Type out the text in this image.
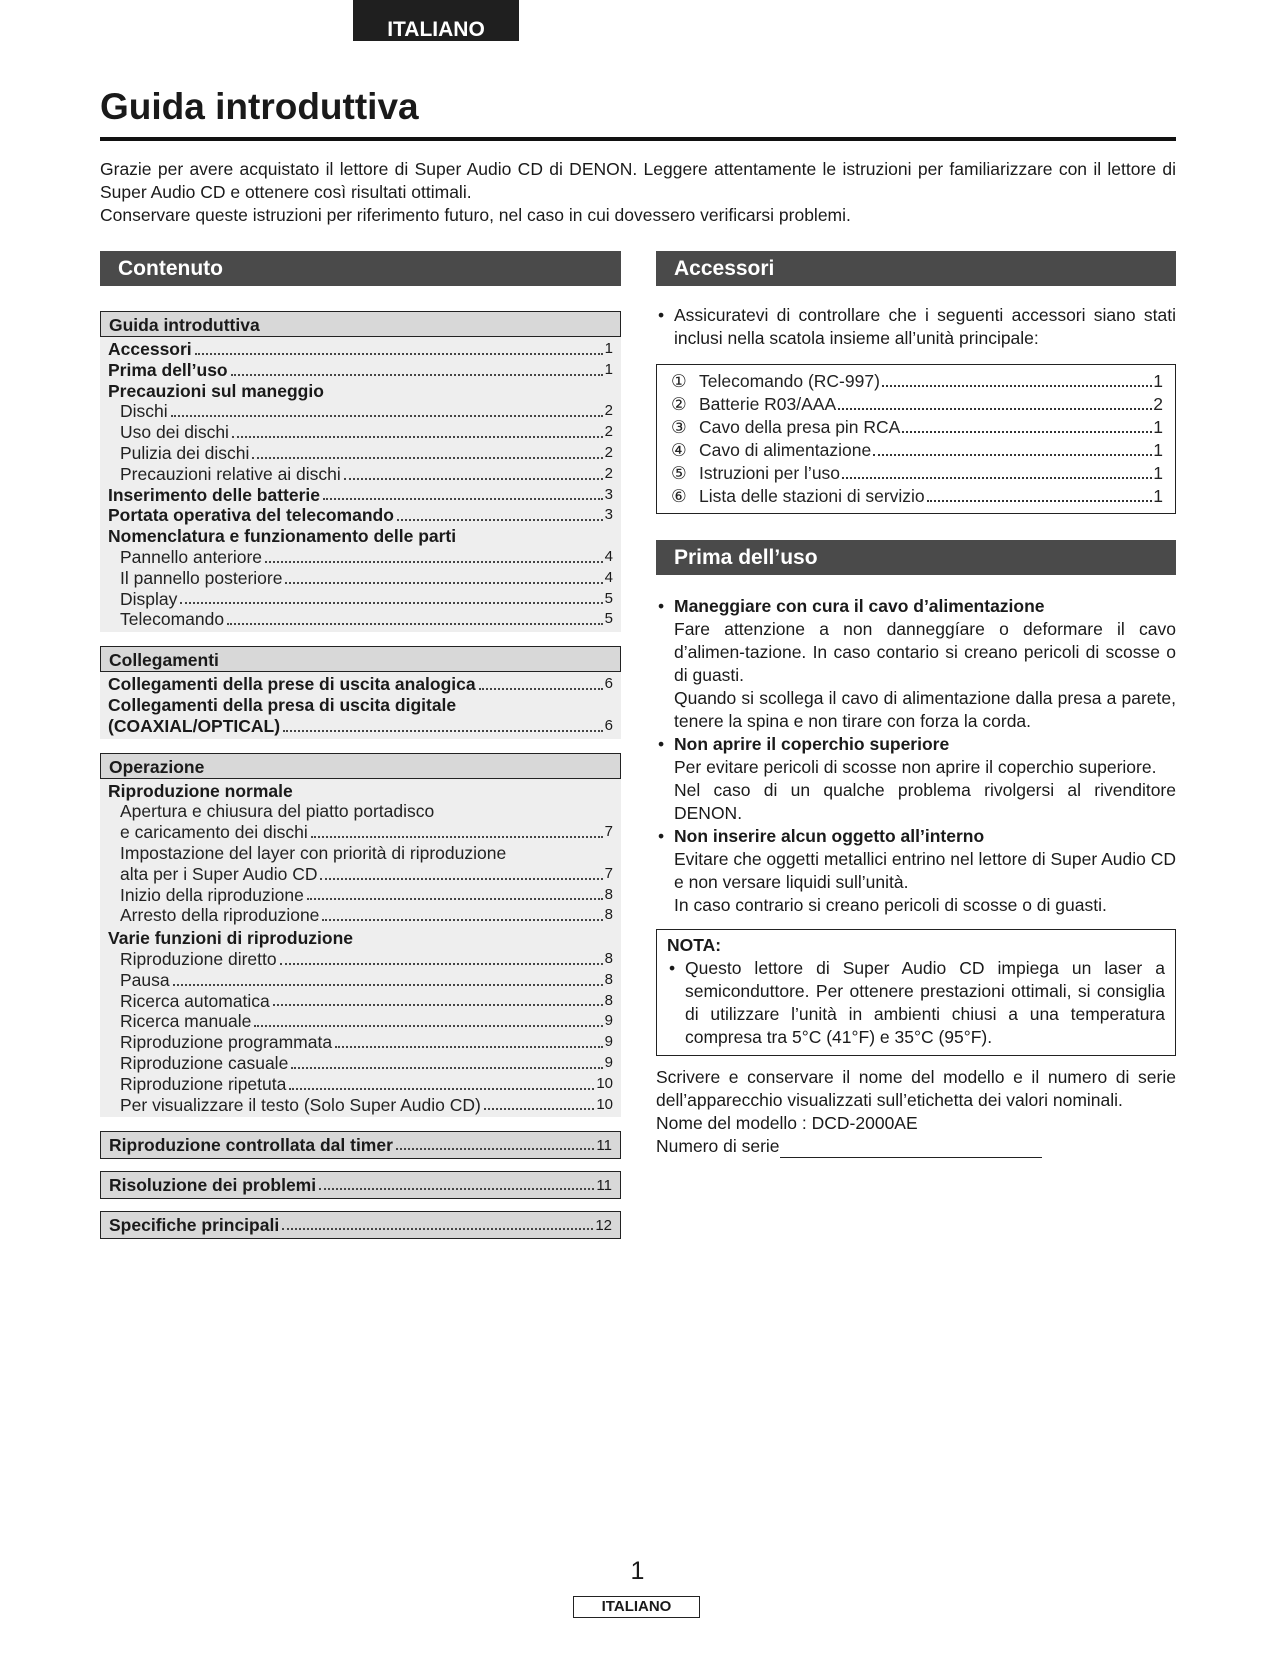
ITALIANO
Guida introduttiva

Grazie per avere acquistato il lettore di Super Audio CD di DENON. Leggere attentamente le istruzioni per familiarizzare con il lettore di Super Audio CD e ottenere così risultati ottimali.

Conservare queste istruzioni per riferimento futuro, nel caso in cui dovessero verificarsi problemi.

Contenuto
Guida introduttiva
Accessori	1
Prima dell’uso	1
Precauzioni sul maneggio
Dischi	2
Uso dei dischi	2
Pulizia dei dischi	2
Precauzioni relative ai dischi	2
Inserimento delle batterie	3
Portata operativa del telecomando	3
Nomenclatura e funzionamento delle parti
Pannello anteriore	4
Il pannello posteriore	4
Display	5
Telecomando	5
Collegamenti
Collegamenti della prese di uscita analogica	6
Collegamenti della presa di uscita digitale
(COAXIAL/OPTICAL)	6
Operazione
Riproduzione normale
Apertura e chiusura del piatto portadisco
e caricamento dei dischi	7
Impostazione del layer con priorità di riproduzione
alta per i Super Audio CD	7
Inizio della riproduzione	8
Arresto della riproduzione	8
Varie funzioni di riproduzione
Riproduzione diretto	8
Pausa	8
Ricerca automatica	8
Ricerca manuale	9
Riproduzione programmata	9
Riproduzione casuale	9
Riproduzione ripetuta	10
Per visualizzare il testo (Solo Super Audio CD)	10
Riproduzione controllata dal timer	11
Risoluzione dei problemi	11
Specifiche principali	12
Accessori
• Assicuratevi di controllare che i seguenti accessori siano stati inclusi nella scatola insieme all’unità principale:
① Telecomando (RC-997)	1
② Batterie R03/AAA	2
③ Cavo della presa pin RCA	1
④ Cavo di alimentazione	1
⑤ Istruzioni per l’uso	1
⑥ Lista delle stazioni di servizio	1
Prima dell’uso
• Maneggiare con cura il cavo d’alimentazione
Fare attenzione a non danneggíare o deformare il cavo d’alimen-tazione. In caso contario si creano pericoli di scosse o di guasti.
Quando si scollega il cavo di alimentazione dalla presa a parete, tenere la spina e non tirare con forza la corda.
• Non aprire il coperchio superiore
Per evitare pericoli di scosse non aprire il coperchio superiore.
Nel caso di un qualche problema rivolgersi al rivenditore DENON.
• Non inserire alcun oggetto all’interno
Evitare che oggetti metallici entrino nel lettore di Super Audio CD e non versare liquidi sull’unità.
In caso contrario si creano pericoli di scosse o di guasti.
NOTA:
• Questo lettore di Super Audio CD impiega un laser a semiconduttore. Per ottenere prestazioni ottimali, si consiglia di utilizzare l’unità in ambienti chiusi a una temperatura compresa tra 5°C (41°F) e 35°C (95°F).
Scrivere e conservare il nome del modello e il numero di serie dell’apparecchio visualizzati sull’etichetta dei valori nominali.
Nome del modello : DCD-2000AE
Numero di serie
1
ITALIANO
